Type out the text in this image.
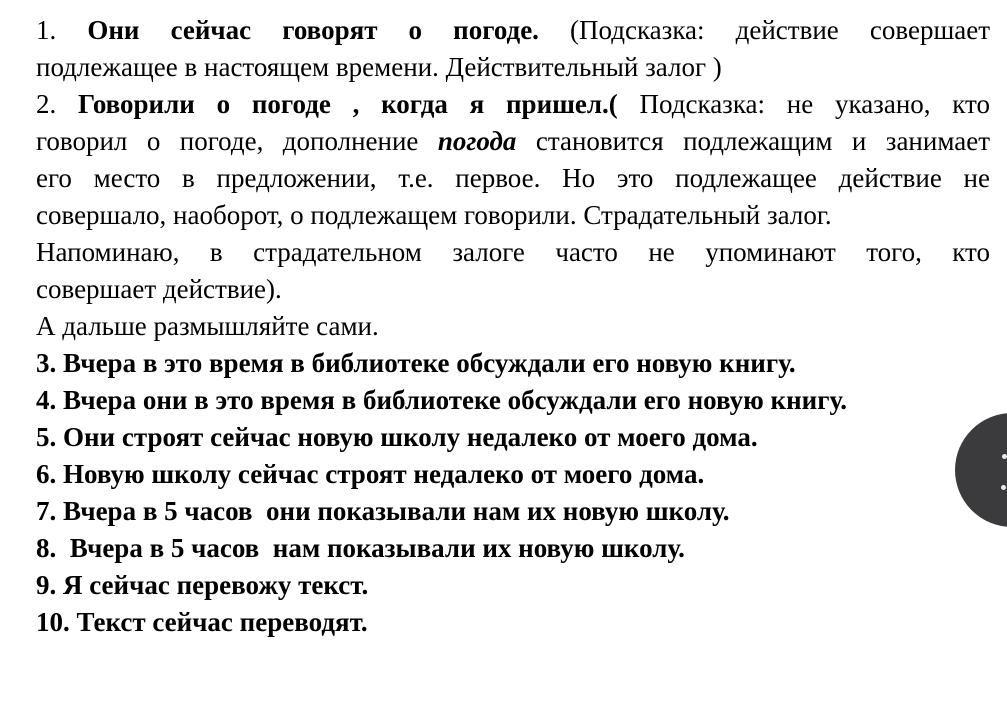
1. Они сейчас говорят о погоде. (Подсказка: действие совершает
подлежащее в настоящем времени. Действительный залог )
2. Говорили о погоде , когда я пришел.( Подсказка: не указано, кто
говорил о погоде, дополнение погода становится подлежащим и занимает
его место в предложении, т.е. первое. Но это подлежащее действие не
совершало, наоборот, о подлежащем говорили. Страдательный залог.
Напоминаю, в страдательном залоге часто не упоминают того, кто
совершает действие).
А дальше размышляйте сами.
3. Вчера в это время в библиотеке обсуждали его новую книгу.
4. Вчера они в это время в библиотеке обсуждали его новую книгу.
5. Они строят сейчас новую школу недалеко от моего дома.
6. Новую школу сейчас строят недалеко от моего дома.
7. Вчера в 5 часов  они показывали нам их новую школу.
8.  Вчера в 5 часов  нам показывали их новую школу.
9. Я сейчас перевожу текст.
10. Текст сейчас переводят.
